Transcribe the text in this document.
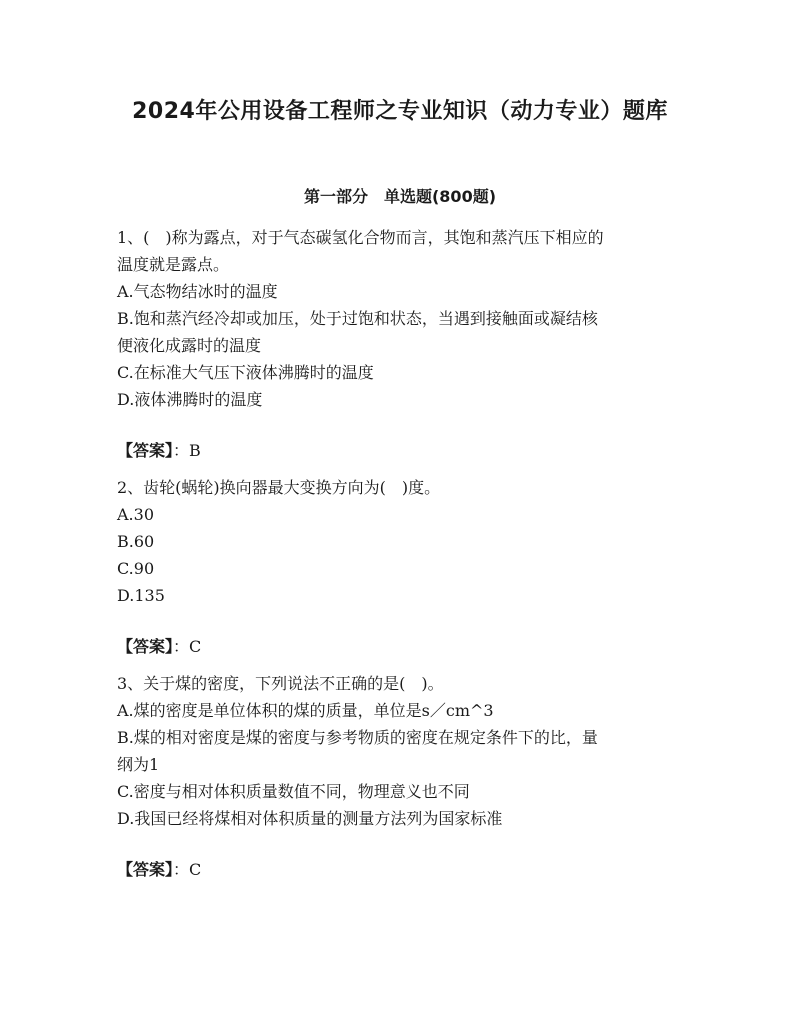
2024年公用设备工程师之专业知识（动力专业）题库
第一部分　单选题(800题)
1、(　)称为露点，对于气态碳氢化合物而言，其饱和蒸汽压下相应的
温度就是露点。
A.气态物结冰时的温度
B.饱和蒸汽经冷却或加压，处于过饱和状态，当遇到接触面或凝结核
便液化成露时的温度
C.在标准大气压下液体沸腾时的温度
D.液体沸腾时的温度
【答案】：B
2、齿轮(蜗轮)换向器最大变换方向为(　)度。
A.30
B.60
C.90
D.135
【答案】：C
3、关于煤的密度，下列说法不正确的是(　)。
A.煤的密度是单位体积的煤的质量，单位是s／cm^3
B.煤的相对密度是煤的密度与参考物质的密度在规定条件下的比，量
纲为1
C.密度与相对体积质量数值不同，物理意义也不同
D.我国已经将煤相对体积质量的测量方法列为国家标准
【答案】：C
